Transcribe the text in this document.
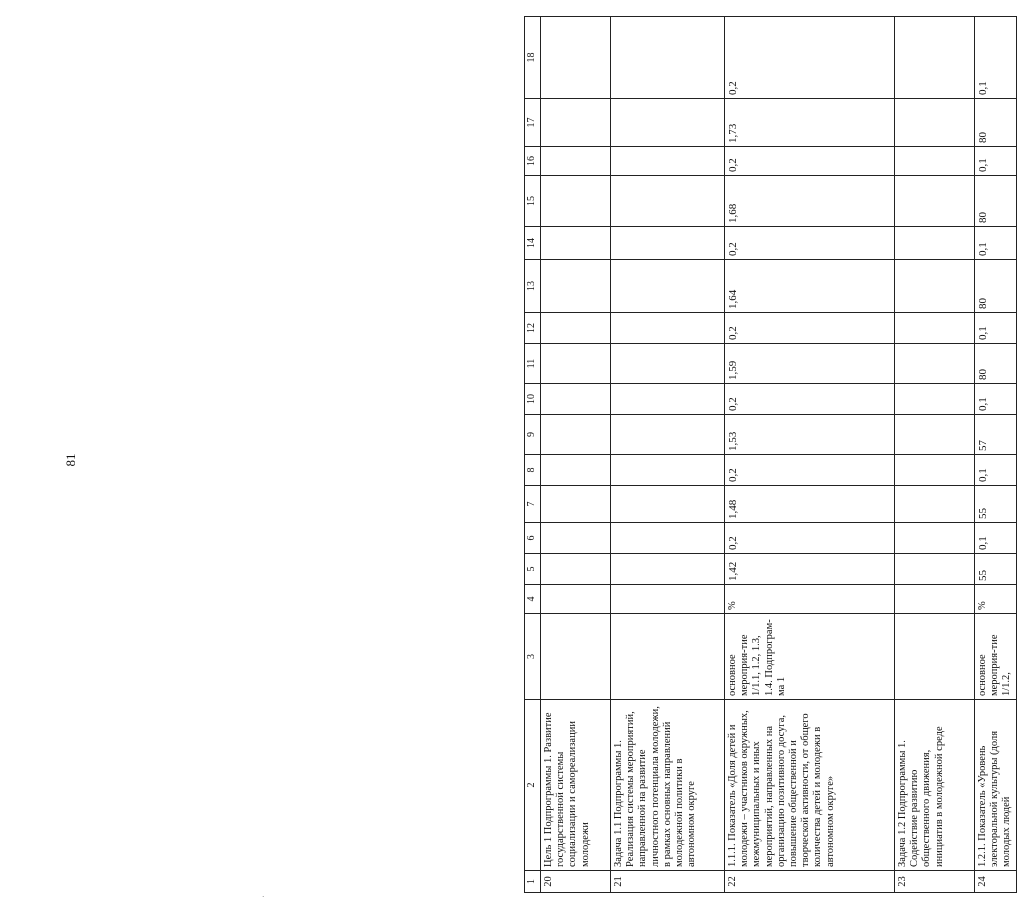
81
·
1	2	3	4	5	6	7	8	9	10	11	12	13	14	15	16	17	18
20	Цель 1 Подпрограммы 1. Развитие государственной системы социализации и самореализации молодежи																
21	Задача 1.1 Подпрограммы 1. Реализация системы мероприятий, направленной на развитие личностного потенциала молодежи, в рамках основных направлений молодежной политики в автономном округе																
22	1.1.1. Показатель «Доля детей и молодежи – участников окружных, межмуниципальных и иных мероприятий, направленных на организацию позитивного досуга, повышение общественной и творческой активности, от общего количества детей и молодежи в автономном округе»	основное мероприя-тие 1/1.1, 1.2, 1.3, 1.4. Подпрограм-ма 1	%	1,42	0,2	1,48	0,2	1,53	0,2	1,59	0,2	1,64	0,2	1,68	0,2	1,73	0,2
23	Задача 1.2 Подпрограммы 1. Содействие развитию общественного движения, инициатив в молодежной среде																
24	1.2.1. Показатель «Уровень электоральной культуры (доля молодых людей	основное мероприя-тие 1/1.2,	%	55	0,1	55	0,1	57	0,1	80	0,1	80	0,1	80	0,1	80	0,1
